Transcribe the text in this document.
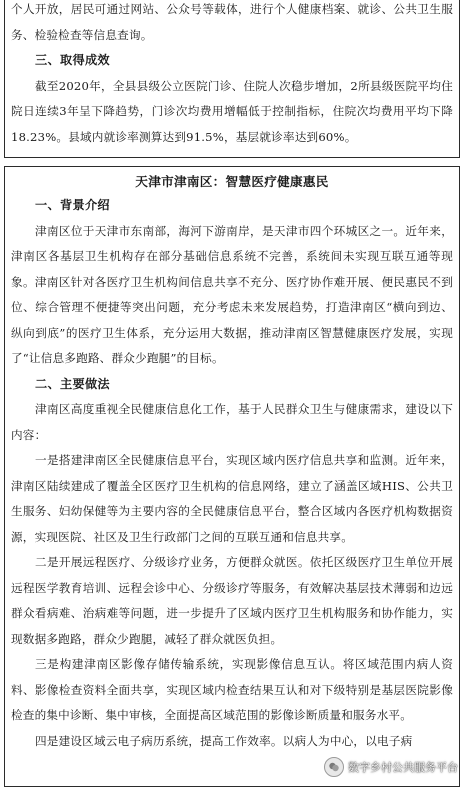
个人开放，居民可通过网站、公众号等载体，进行个人健康档案、就诊、公共卫生服务、检验检查等信息查询。

三、取得成效

截至2020年，全县县级公立医院门诊、住院人次稳步增加，2所县级医院平均住院日连续3年呈下降趋势，门诊次均费用增幅低于控制指标，住院次均费用平均下降18.23%。县域内就诊率测算达到91.5%，基层就诊率达到60%。

天津市津南区：智慧医疗健康惠民

一、背景介绍

津南区位于天津市东南部，海河下游南岸，是天津市四个环城区之一。近年来，津南区各基层卫生机构存在部分基础信息系统不完善，系统间未实现互联互通等现象。津南区针对各医疗卫生机构间信息共享不充分、医疗协作难开展、便民惠民不到位、综合管理不便捷等突出问题，充分考虑未来发展趋势，打造津南区“横向到边、纵向到底”的医疗卫生体系，充分运用大数据，推动津南区智慧健康医疗发展，实现了“让信息多跑路、群众少跑腿”的目标。

二、主要做法

津南区高度重视全民健康信息化工作，基于人民群众卫生与健康需求，建设以下内容：

一是搭建津南区全民健康信息平台，实现区域内医疗信息共享和监测。近年来，津南区陆续建成了覆盖全区医疗卫生机构的信息网络，建立了涵盖区域HIS、公共卫生服务、妇幼保健等为主要内容的全民健康信息平台，整合区域内各医疗机构数据资源，实现医院、社区及卫生行政部门之间的互联互通和信息共享。

二是开展远程医疗、分级诊疗业务，方便群众就医。依托区级医疗卫生单位开展远程医学教育培训、远程会诊中心、分级诊疗等服务，有效解决基层技术薄弱和边远群众看病难、治病难等问题，进一步提升了区域内医疗卫生机构服务和协作能力，实现数据多跑路，群众少跑腿，减轻了群众就医负担。

三是构建津南区影像存储传输系统，实现影像信息互认。将区域范围内病人资料、影像检查资料全面共享，实现区域内检查结果互认和对下级特别是基层医院影像检查的集中诊断、集中审核，全面提高区域范围的影像诊断质量和服务水平。

四是建设区域云电子病历系统，提高工作效率。以病人为中心，以电子病

数字乡村公共服务平台
